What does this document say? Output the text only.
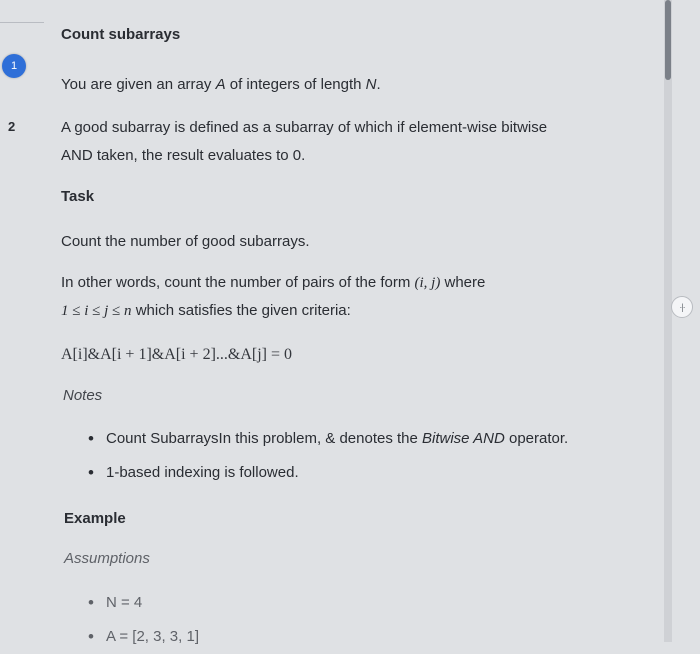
1
2
Count subarrays
You are given an array A of integers of length N.
A good subarray is defined as a subarray of which if element-wise bitwise
AND taken, the result evaluates to 0.
Task
Count the number of good subarrays.
In other words, count the number of pairs of the form (i, j) where
1 ≤ i ≤ j ≤ n which satisfies the given criteria:
A[i]&A[i + 1]&A[i + 2]...&A[j] = 0
Notes
• Count SubarraysIn this problem, & denotes the Bitwise AND operator.
• 1-based indexing is followed.
Example
Assumptions
• N = 4
• A = [2, 3, 3, 1]
·|·
